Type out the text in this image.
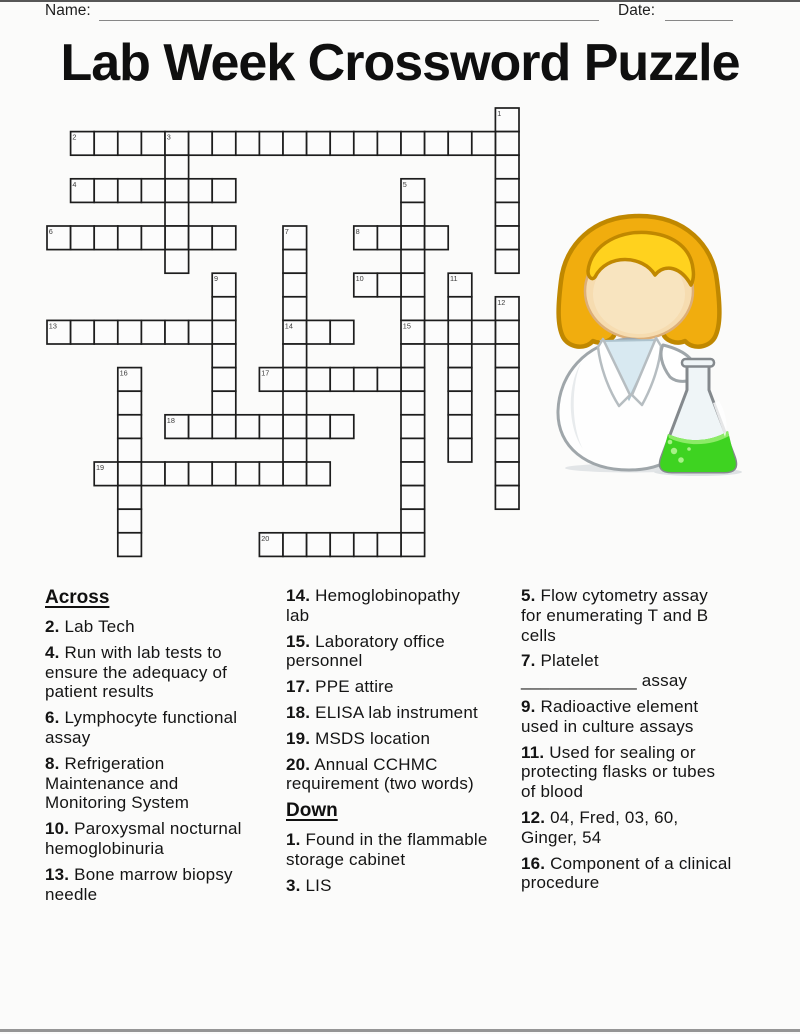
Name:	Date:
Lab Week Crossword Puzzle
1
2	3
4	5
6	7	8
9	10	11
12
13	14	15
16	17
18
19
20
Across

2. Lab Tech

4. Run with lab tests to ensure the adequacy of patient results

6. Lymphocyte functional assay

8. Refrigeration Maintenance and Monitoring System

10. Paroxysmal nocturnal hemoglobinuria

13. Bone marrow biopsy needle

14. Hemoglobinopathy lab

15. Laboratory office personnel

17. PPE attire

18. ELISA lab instrument

19. MSDS location

20. Annual CCHMC requirement (two words)

Down

1. Found in the flammable storage cabinet

3. LIS

5. Flow cytometry assay for enumerating T and B cells

7. Platelet
____________ assay

9. Radioactive element used in culture assays

11. Used for sealing or protecting flasks or tubes of blood

12. 04, Fred, 03, 60, Ginger, 54

16. Component of a clinical procedure
